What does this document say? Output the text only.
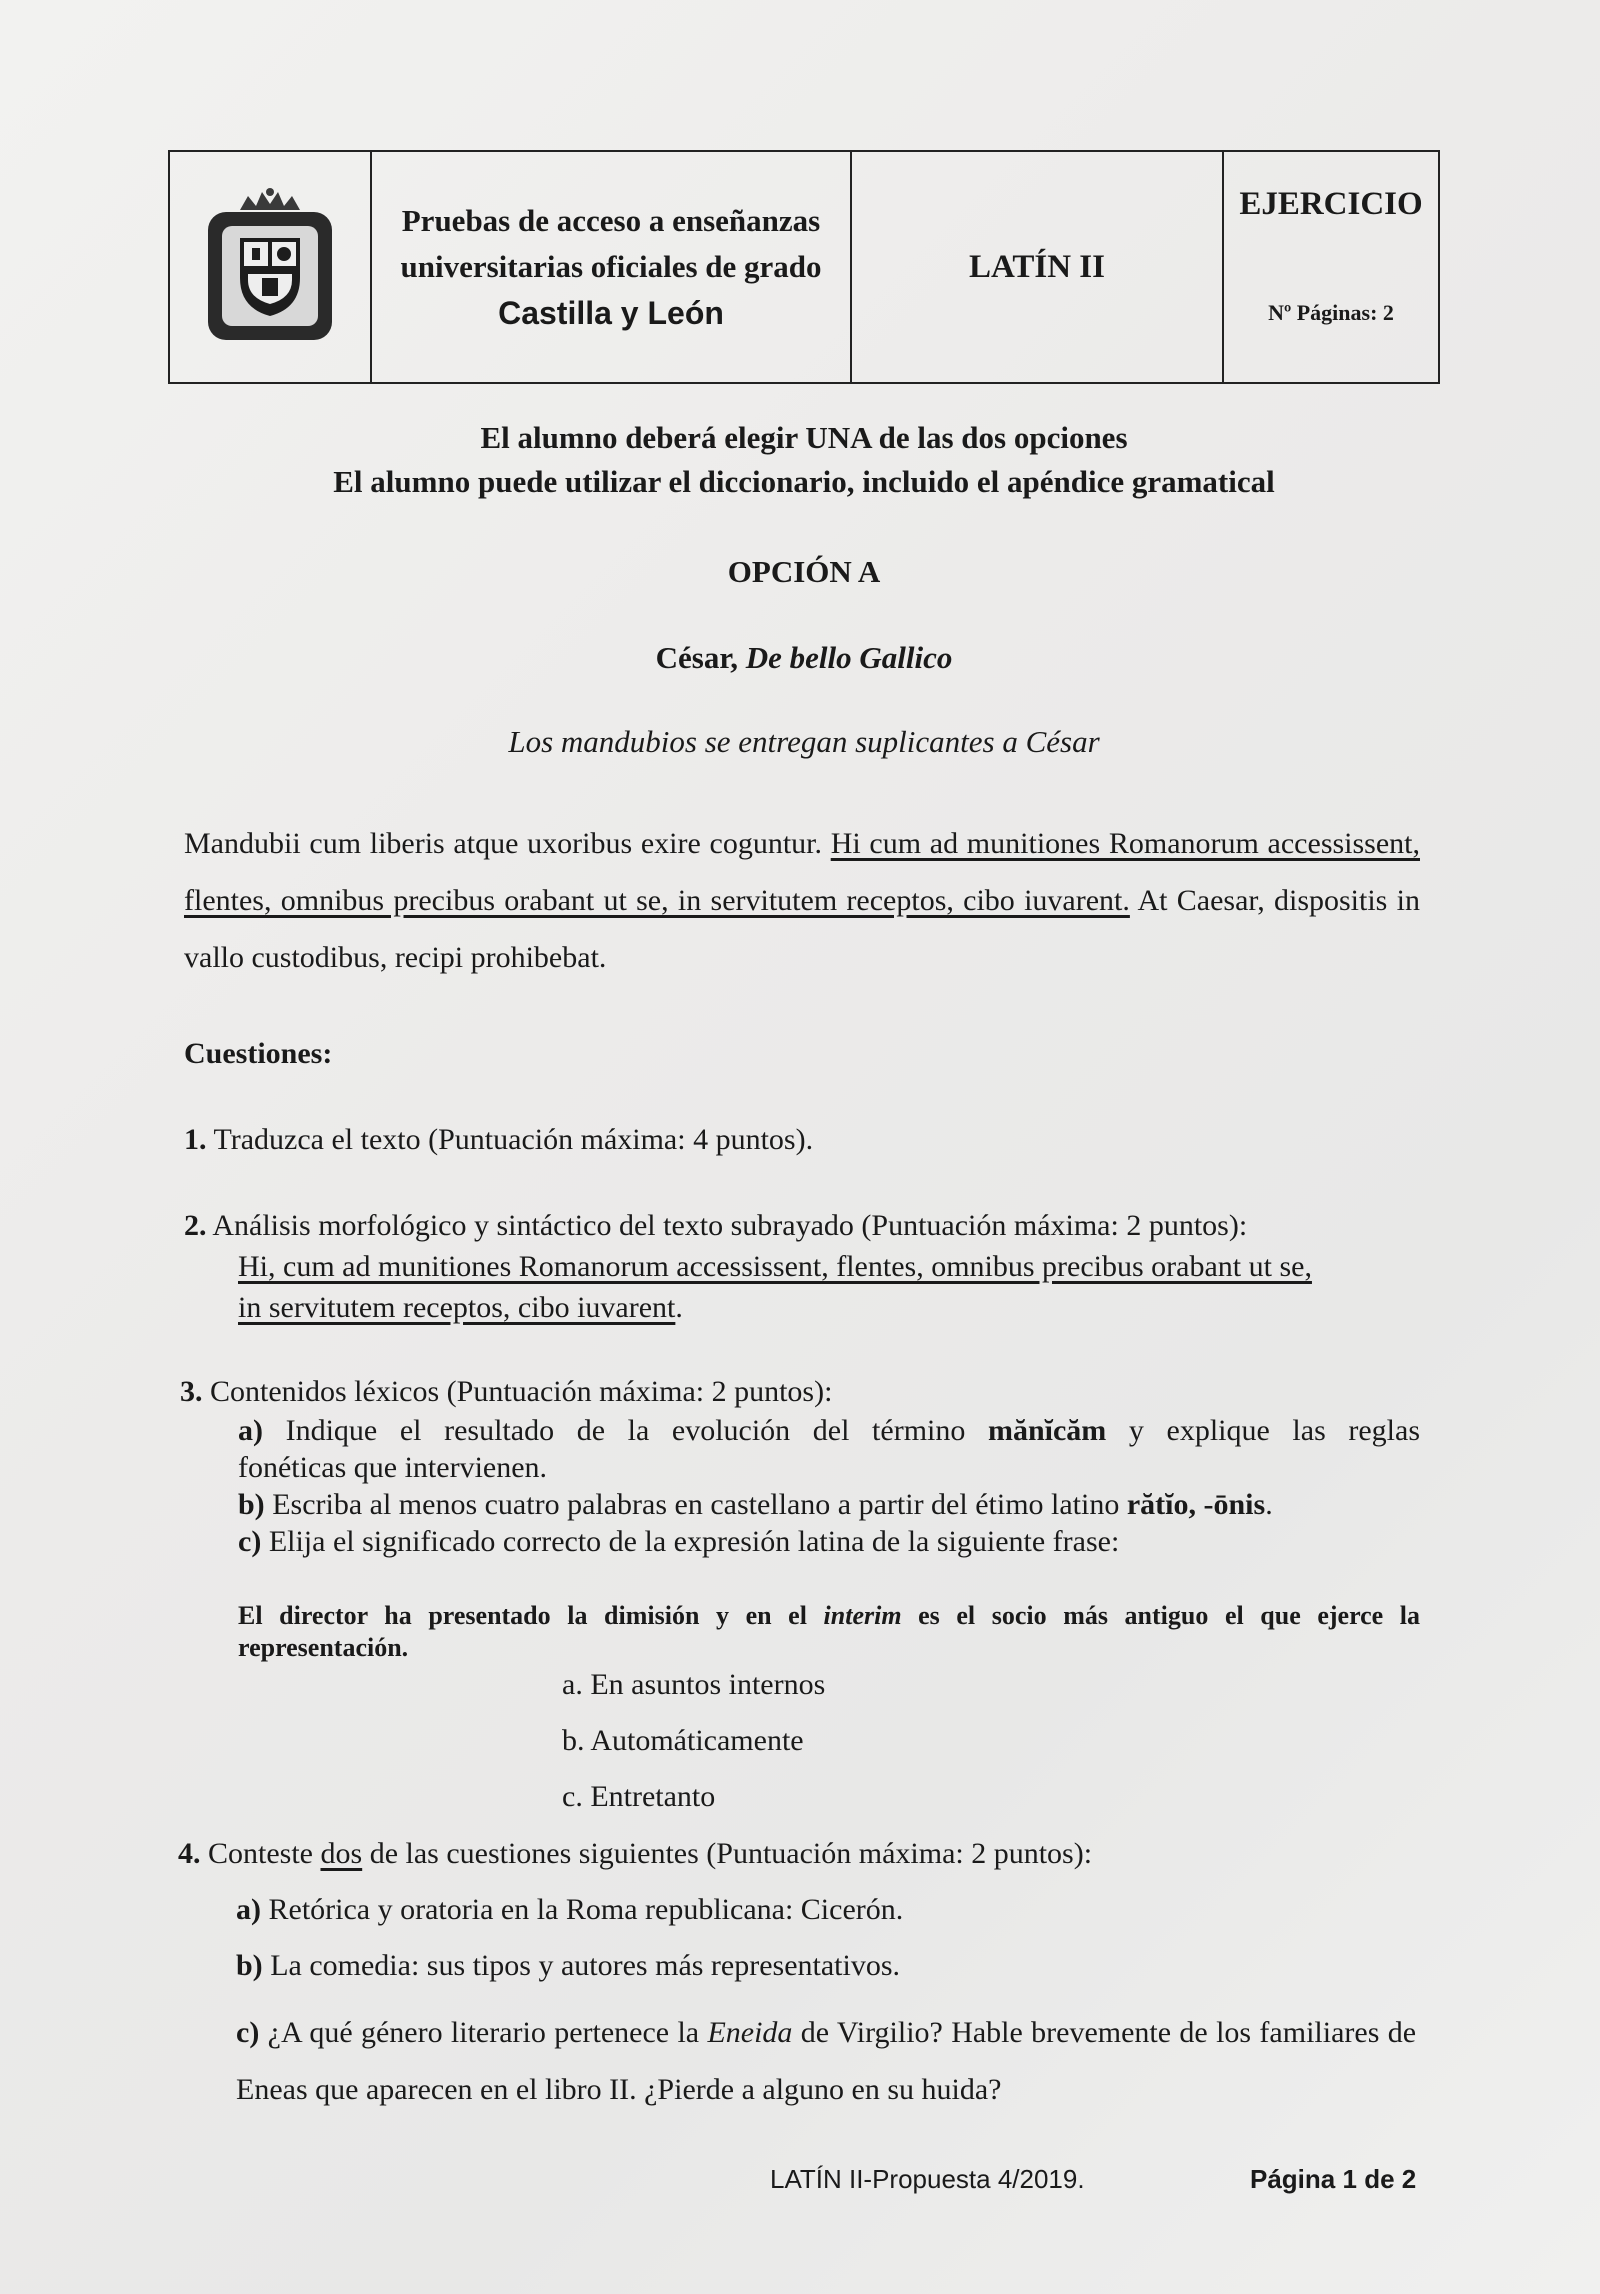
Pruebas de acceso a enseñanzas
universitarias oficiales de grado
Castilla y León
LATÍN II
EJERCICIO
Nº Páginas: 2
El alumno deberá elegir UNA de las dos opciones
El alumno puede utilizar el diccionario, incluido el apéndice gramatical
OPCIÓN A
César, De bello Gallico
Los mandubios se entregan suplicantes a César
Mandubii cum liberis atque uxoribus exire coguntur. Hi cum ad munitiones Romanorum accessissent, flentes, omnibus precibus orabant ut se, in servitutem receptos, cibo iuvarent. At Caesar, dispositis in vallo custodibus, recipi prohibebat.
Cuestiones:
1. Traduzca el texto (Puntuación máxima: 4 puntos).
2. Análisis morfológico y sintáctico del texto subrayado (Puntuación máxima: 2 puntos):
Hi, cum ad munitiones Romanorum accessissent, flentes, omnibus precibus orabant ut se,
in servitutem receptos, cibo iuvarent.
3. Contenidos léxicos (Puntuación máxima: 2 puntos):
a) Indique el resultado de la evolución del término mănĭcăm y explique las reglas
fonéticas que intervienen.
b) Escriba al menos cuatro palabras en castellano a partir del étimo latino rătĭo, -ōnis.
c) Elija el significado correcto de la expresión latina de la siguiente frase:
El director ha presentado la dimisión y en el interim es el socio más antiguo el que ejerce la
representación.
a. En asuntos internos
b. Automáticamente
c. Entretanto
4. Conteste dos de las cuestiones siguientes (Puntuación máxima: 2 puntos):
a) Retórica y oratoria en la Roma republicana: Cicerón.
b) La comedia: sus tipos y autores más representativos.
c) ¿A qué género literario pertenece la Eneida de Virgilio? Hable brevemente de los familiares de Eneas que aparecen en el libro II. ¿Pierde a alguno en su huida?
LATÍN II-Propuesta 4/2019.	Página 1 de 2
